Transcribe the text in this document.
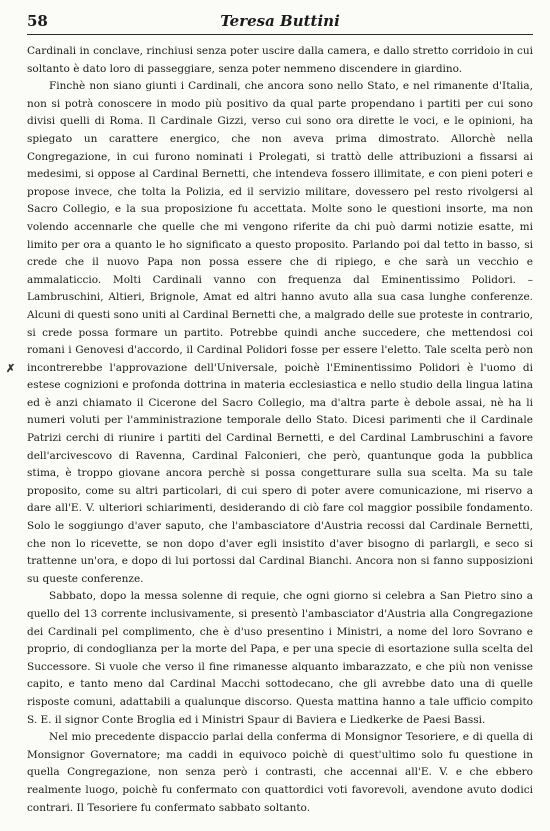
58	Teresa Buttini
✗

Cardinali in conclave, rinchiusi senza poter uscire dalla camera, e dallo stretto corridoio in cui soltanto è dato loro di passeggiare, senza poter nemmeno discendere in giardino.

Finchè non siano giunti i Cardinali, che ancora sono nello Stato, e nel rimanente d'Italia, non si potrà conoscere in modo più positivo da qual parte propendano i partiti per cui sono divisi quelli di Roma. Il Cardinale Gizzi, verso cui sono ora dirette le voci, e le opinioni, ha spiegato un carattere energico, che non aveva prima dimostrato. Allorchè nella Congregazione, in cui furono nominati i Prolegati, si trattò delle attribuzioni a fissarsi ai medesimi, si oppose al Cardinal Bernetti, che intendeva fossero illimitate, e con pieni poteri e propose invece, che tolta la Polizia, ed il servizio militare, dovessero pel resto rivolgersi al Sacro Collegio, e la sua proposizione fu accettata. Molte sono le questioni insorte, ma non volendo accennarle che quelle che mi vengono riferite da chi può darmi notizie esatte, mi limito per ora a quanto le ho significato a questo proposito. Parlando poi dal tetto in basso, si crede che il nuovo Papa non possa essere che di ripiego, e che sarà un vecchio e ammalaticcio. Molti Cardinali vanno con frequenza dal Eminentissimo Polidori. – Lambruschini, Altieri, Brignole, Amat ed altri hanno avuto alla sua casa lunghe conferenze. Alcuni di questi sono uniti al Cardinal Bernetti che, a malgrado delle sue proteste in contrario, si crede possa formare un partito. Potrebbe quindi anche succedere, che mettendosi coi romani i Genovesi d'accordo, il Cardinal Polidori fosse per essere l'eletto. Tale scelta però non incontrerebbe l'approvazione dell'Universale, poichè l'Eminentissimo Polidori è l'uomo di estese cognizioni e profonda dottrina in materia ecclesiastica e nello studio della lingua latina ed è anzi chiamato il Cicerone del Sacro Collegio, ma d'altra parte è debole assai, nè ha li numeri voluti per l'amministrazione temporale dello Stato. Dicesi parimenti che il Cardinale Patrizi cerchi di riunire i partiti del Cardinal Bernetti, e del Cardinal Lambruschini a favore dell'arcivescovo di Ravenna, Cardinal Falconieri, che però, quantunque goda la pubblica stima, è troppo giovane ancora perchè si possa congetturare sulla sua scelta. Ma su tale proposito, come su altri particolari, di cui spero di poter avere comunicazione, mi riservo a dare all'E. V. ulteriori schiarimenti, desiderando di ciò fare col maggior possibile fondamento. Solo le soggiungo d'aver saputo, che l'ambasciatore d'Austria recossi dal Cardinale Bernetti, che non lo ricevette, se non dopo d'aver egli insistito d'aver bisogno di parlargli, e seco si trattenne un'ora, e dopo di lui portossi dal Cardinal Bianchi. Ancora non si fanno supposizioni su queste conferenze.

Sabbato, dopo la messa solenne di requie, che ogni giorno si celebra a San Pietro sino a quello del 13 corrente inclusivamente, si presentò l'ambasciator d'Austria alla Congregazione dei Cardinali pel complimento, che è d'uso presentino i Ministri, a nome del loro Sovrano e proprio, di condoglianza per la morte del Papa, e per una specie di esortazione sulla scelta del Successore. Si vuole che verso il fine rimanesse alquanto imbarazzato, e che più non venisse capito, e tanto meno dal Cardinal Macchi sottodecano, che gli avrebbe dato una di quelle risposte comuni, adattabili a qualunque discorso. Questa mattina hanno a tale ufficio compito S. E. il signor Conte Broglia ed i Ministri Spaur di Baviera e Liedkerke de Paesi Bassi.

Nel mio precedente dispaccio parlai della conferma di Monsignor Tesoriere, e di quella di Monsignor Governatore; ma caddi in equivoco poichè di quest'ultimo solo fu questione in quella Congregazione, non senza però i contrasti, che accennai all'E. V. e che ebbero realmente luogo, poichè fu confermato con quattordici voti favorevoli, avendone avuto dodici contrari. Il Tesoriere fu confermato sabbato soltanto.
